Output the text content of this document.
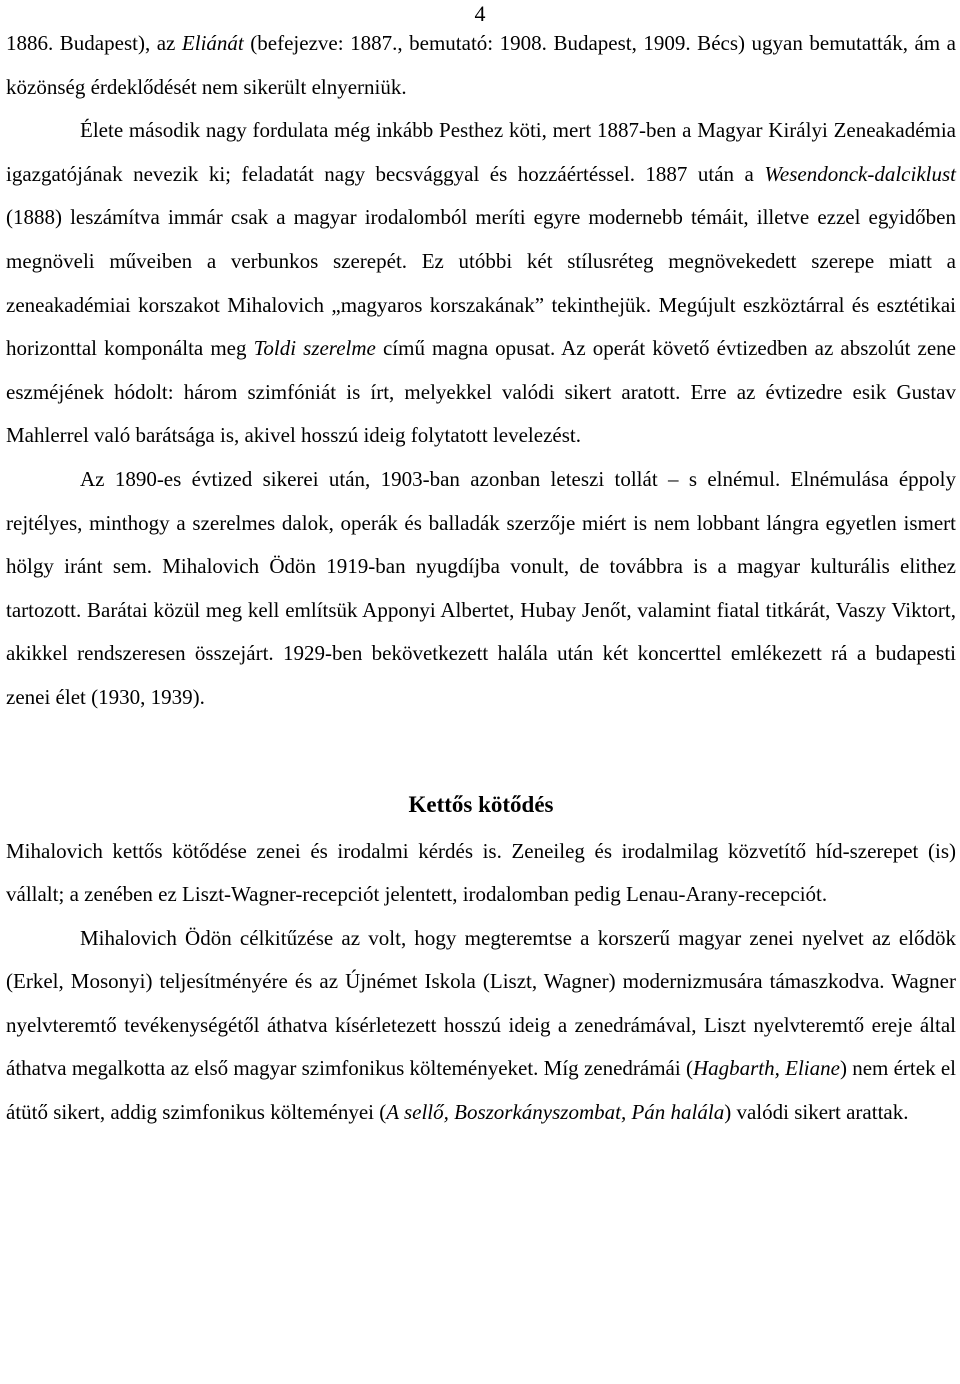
4

1886. Budapest), az Eliánát (befejezve: 1887., bemutató: 1908. Budapest, 1909. Bécs) ugyan bemutatták, ám a közönség érdeklődését nem sikerült elnyerniük.

Élete második nagy fordulata még inkább Pesthez köti, mert 1887-ben a Magyar Királyi Zeneakadémia igazgatójának nevezik ki; feladatát nagy becsvággyal és hozzáértéssel. 1887 után a Wesendonck-dalciklust (1888) leszámítva immár csak a magyar irodalomból meríti egyre modernebb témáit, illetve ezzel egyidőben megnöveli műveiben a verbunkos szerepét. Ez utóbbi két stílusréteg megnövekedett szerepe miatt a zeneakadémiai korszakot Mihalovich „magyaros korszakának” tekinthejük. Megújult eszköztárral és esztétikai horizonttal komponálta meg Toldi szerelme című magna opusat. Az operát követő évtizedben az abszolút zene eszméjének hódolt: három szimfóniát is írt, melyekkel valódi sikert aratott. Erre az évtizedre esik Gustav Mahlerrel való barátsága is, akivel hosszú ideig folytatott levelezést.

Az 1890-es évtized sikerei után, 1903-ban azonban leteszi tollát – s elnémul. Elnémulása éppoly rejtélyes, minthogy a szerelmes dalok, operák és balladák szerzője miért is nem lobbant lángra egyetlen ismert hölgy iránt sem. Mihalovich Ödön 1919-ban nyugdíjba vonult, de továbbra is a magyar kulturális elithez tartozott. Barátai közül meg kell említsük Apponyi Albertet, Hubay Jenőt, valamint fiatal titkárát, Vaszy Viktort, akikkel rendszeresen összejárt. 1929-ben bekövetkezett halála után két koncerttel emlékezett rá a budapesti zenei élet (1930, 1939).

Kettős kötődés

Mihalovich kettős kötődése zenei és irodalmi kérdés is. Zeneileg és irodalmilag közvetítő híd-szerepet (is) vállalt; a zenében ez Liszt-Wagner-recepciót jelentett, irodalomban pedig Lenau-Arany-recepciót.

Mihalovich Ödön célkitűzése az volt, hogy megteremtse a korszerű magyar zenei nyelvet az elődök (Erkel, Mosonyi) teljesítményére és az Újnémet Iskola (Liszt, Wagner) modernizmusára támaszkodva. Wagner nyelvteremtő tevékenységétől áthatva kísérletezett hosszú ideig a zenedrámával, Liszt nyelvteremtő ereje által áthatva megalkotta az első magyar szimfonikus költeményeket. Míg zenedrámái (Hagbarth, Eliane) nem értek el átütő sikert, addig szimfonikus költeményei (A sellő, Boszorkányszombat, Pán halála) valódi sikert arattak.
